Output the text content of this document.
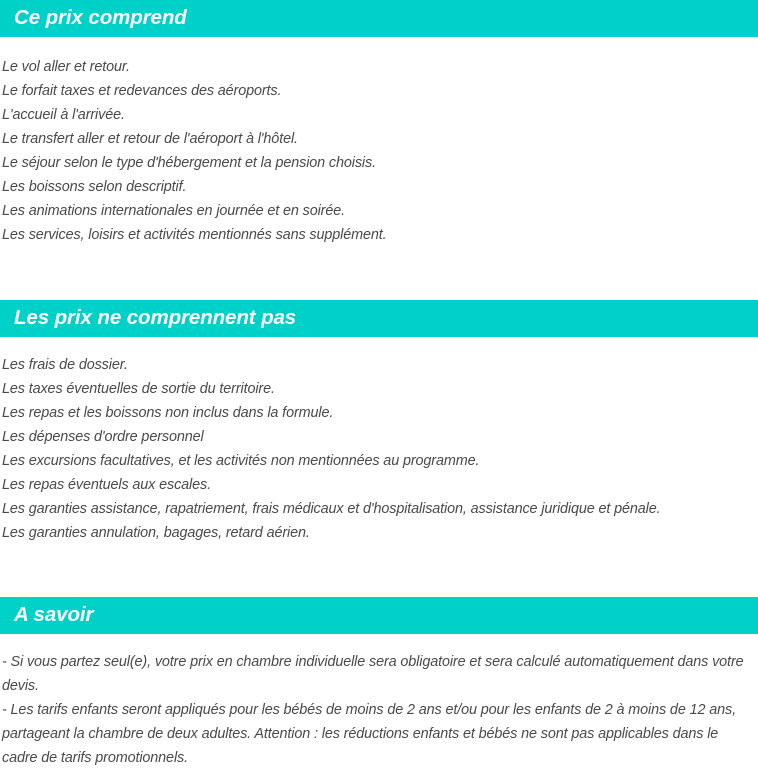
Ce prix comprend
Le vol aller et retour.
Le forfait taxes et redevances des aéroports.
L'accueil à l'arrivée.
Le transfert aller et retour de l'aéroport à l'hôtel.
Le séjour selon le type d'hébergement et la pension choisis.
Les boissons selon descriptif.
Les animations internationales en journée et en soirée.
Les services, loisirs et activités mentionnés sans supplément.
Les prix ne comprennent pas
Les frais de dossier.
Les taxes éventuelles de sortie du territoire.
Les repas et les boissons non inclus dans la formule.
Les dépenses d'ordre personnel
Les excursions facultatives, et les activités non mentionnées au programme.
Les repas éventuels aux escales.
Les garanties assistance, rapatriement, frais médicaux et d'hospitalisation, assistance juridique et pénale.
Les garanties annulation, bagages, retard aérien.
A savoir
- Si vous partez seul(e), votre prix en chambre individuelle sera obligatoire et sera calculé automatiquement dans votre devis.
- Les tarifs enfants seront appliqués pour les bébés de moins de 2 ans et/ou pour les enfants de 2 à moins de 12 ans, partageant la chambre de deux adultes. Attention : les réductions enfants et bébés ne sont pas applicables dans le cadre de tarifs promotionnels.
